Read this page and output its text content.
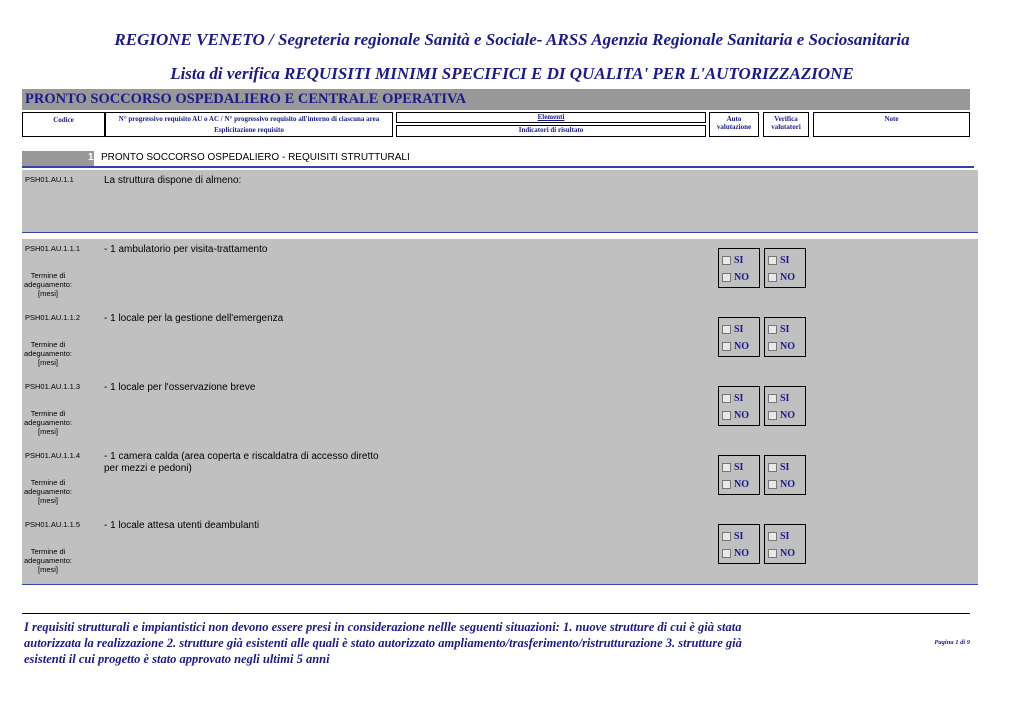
REGIONE VENETO / Segreteria regionale Sanità e Sociale- ARSS Agenzia Regionale Sanitaria e Sociosanitaria
Lista di verifica REQUISITI MINIMI SPECIFICI E DI QUALITA' PER L'AUTORIZZAZIONE
PRONTO SOCCORSO OSPEDALIERO E CENTRALE OPERATIVA
Codice	N° progressivo requisito AU o AC / N° progressivo requisito all'interno di ciascuna area
Esplicitazione requisito
Elementi
Indicatori di risultato
Auto valutazione
Verifica valutatori
Note
1 PRONTO SOCCORSO OSPEDALIERO - REQUISITI STRUTTURALI
PSH01.AU.1.1	La struttura dispone di almeno:
PSH01.AU.1.1.1 - 1 ambulatorio per visita-trattamento
Termine di adeguamento: [mesi]
SI
NO
SI
NO
PSH01.AU.1.1.2 - 1 locale per la gestione dell'emergenza
Termine di adeguamento: [mesi]
SI
NO
SI
NO
PSH01.AU.1.1.3 - 1 locale per l'osservazione breve
Termine di adeguamento: [mesi]
SI
NO
SI
NO
PSH01.AU.1.1.4 - 1 camera calda (area coperta e riscaldatra di accesso diretto per mezzi e pedoni)
Termine di adeguamento: [mesi]
SI
NO
SI
NO
PSH01.AU.1.1.5 - 1 locale attesa utenti deambulanti
Termine di adeguamento: [mesi]
SI
NO
SI
NO
I requisiti strutturali e impiantistici non devono essere presi in considerazione nellle seguenti situazioni: 1. nuove strutture di cui è già stata autorizzata la realizzazione 2. strutture già esistenti alle quali è stato autorizzato ampliamento/trasferimento/ristrutturazione 3. strutture già esistenti il cui progetto è stato approvato negli ultimi 5 anni
Pagina 1 di 9
